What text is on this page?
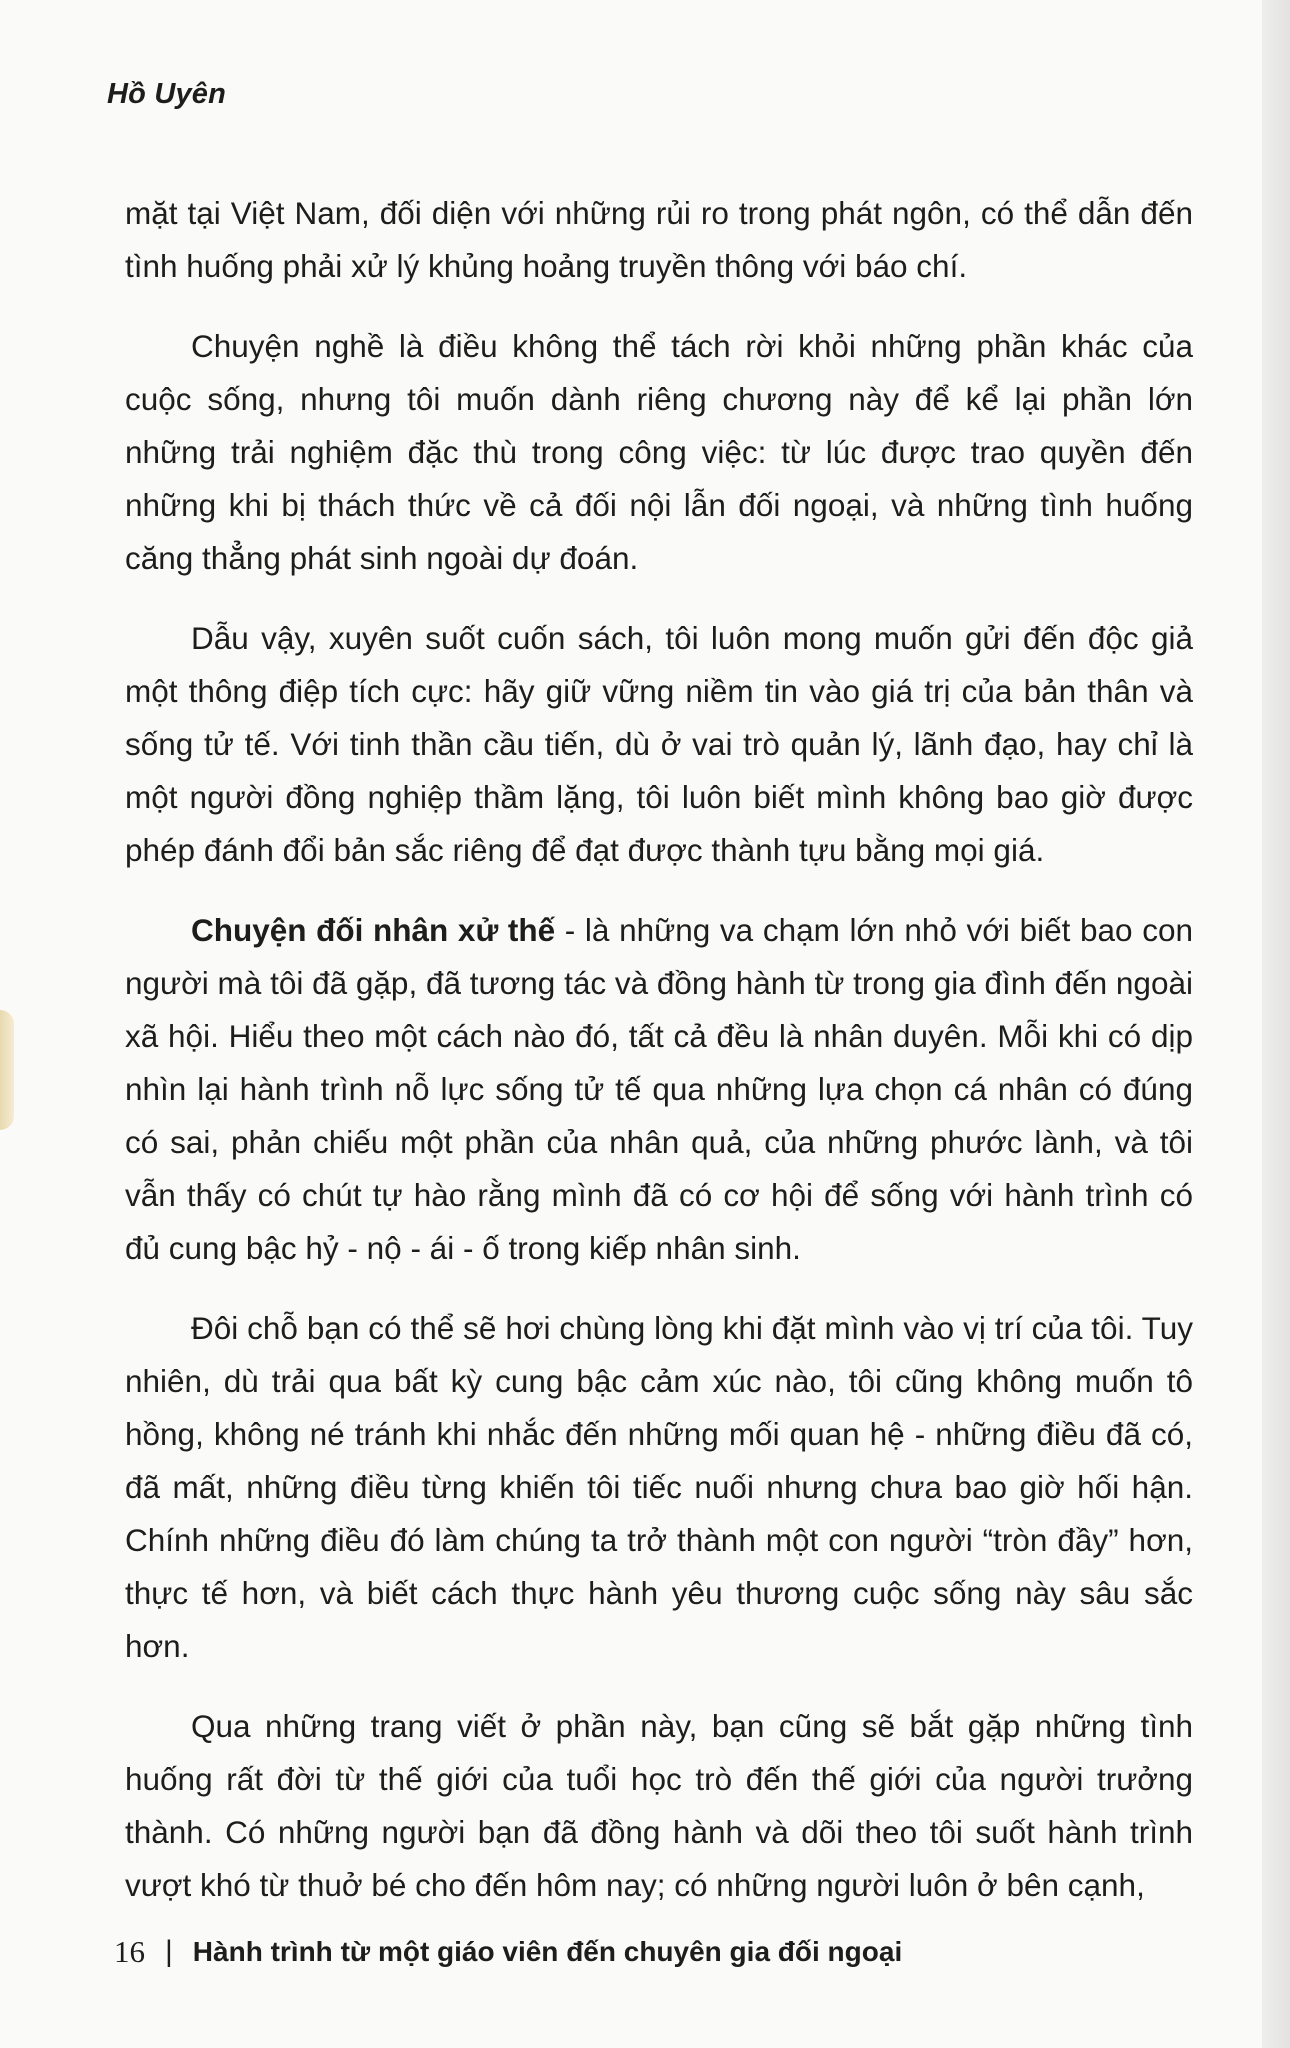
Hồ Uyên

mặt tại Việt Nam, đối diện với những rủi ro trong phát ngôn, có thể dẫn đến tình huống phải xử lý khủng hoảng truyền thông với báo chí.

Chuyện nghề là điều không thể tách rời khỏi những phần khác của cuộc sống, nhưng tôi muốn dành riêng chương này để kể lại phần lớn những trải nghiệm đặc thù trong công việc: từ lúc được trao quyền đến những khi bị thách thức về cả đối nội lẫn đối ngoại, và những tình huống căng thẳng phát sinh ngoài dự đoán.

Dẫu vậy, xuyên suốt cuốn sách, tôi luôn mong muốn gửi đến độc giả một thông điệp tích cực: hãy giữ vững niềm tin vào giá trị của bản thân và sống tử tế. Với tinh thần cầu tiến, dù ở vai trò quản lý, lãnh đạo, hay chỉ là một người đồng nghiệp thầm lặng, tôi luôn biết mình không bao giờ được phép đánh đổi bản sắc riêng để đạt được thành tựu bằng mọi giá.

Chuyện đối nhân xử thế - là những va chạm lớn nhỏ với biết bao con người mà tôi đã gặp, đã tương tác và đồng hành từ trong gia đình đến ngoài xã hội. Hiểu theo một cách nào đó, tất cả đều là nhân duyên. Mỗi khi có dịp nhìn lại hành trình nỗ lực sống tử tế qua những lựa chọn cá nhân có đúng có sai, phản chiếu một phần của nhân quả, của những phước lành, và tôi vẫn thấy có chút tự hào rằng mình đã có cơ hội để sống với hành trình có đủ cung bậc hỷ - nộ - ái - ố trong kiếp nhân sinh.

Đôi chỗ bạn có thể sẽ hơi chùng lòng khi đặt mình vào vị trí của tôi. Tuy nhiên, dù trải qua bất kỳ cung bậc cảm xúc nào, tôi cũng không muốn tô hồng, không né tránh khi nhắc đến những mối quan hệ - những điều đã có, đã mất, những điều từng khiến tôi tiếc nuối nhưng chưa bao giờ hối hận. Chính những điều đó làm chúng ta trở thành một con người “tròn đầy” hơn, thực tế hơn, và biết cách thực hành yêu thương cuộc sống này sâu sắc hơn.

Qua những trang viết ở phần này, bạn cũng sẽ bắt gặp những tình huống rất đời từ thế giới của tuổi học trò đến thế giới của người trưởng thành. Có những người bạn đã đồng hành và dõi theo tôi suốt hành trình vượt khó từ thuở bé cho đến hôm nay; có những người luôn ở bên cạnh,

16 | Hành trình từ một giáo viên đến chuyên gia đối ngoại
